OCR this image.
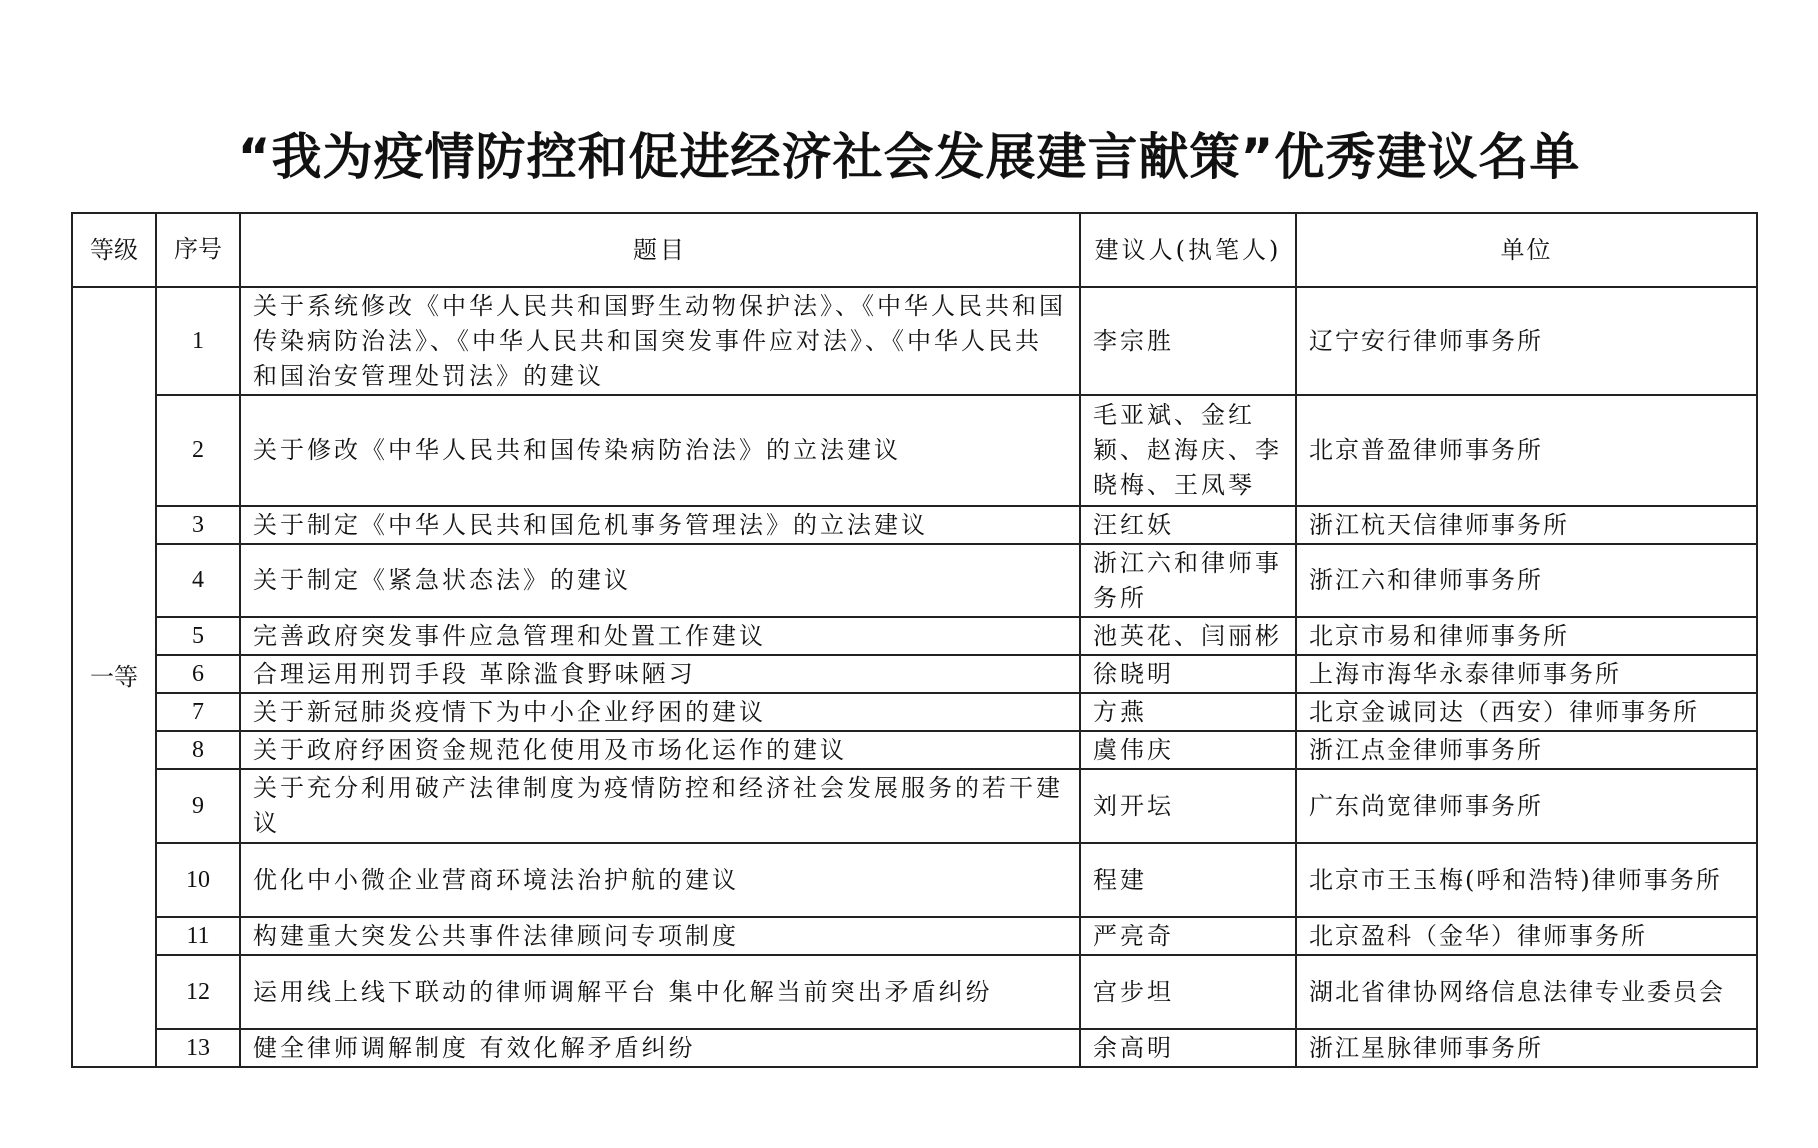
“我为疫情防控和促进经济社会发展建言献策”优秀建议名单
等级	序号	题目	建议人(执笔人)	单位
一等	1	关于系统修改《中华人民共和国野生动物保护法》、《中华人民共和国传染病防治法》、《中华人民共和国突发事件应对法》、《中华人民共和国治安管理处罚法》的建议	李宗胜	辽宁安行律师事务所
	2	关于修改《中华人民共和国传染病防治法》的立法建议	毛亚斌、金红颖、赵海庆、李晓梅、王凤琴	北京普盈律师事务所
	3	关于制定《中华人民共和国危机事务管理法》的立法建议	汪红妖	浙江杭天信律师事务所
	4	关于制定《紧急状态法》的建议	浙江六和律师事务所	浙江六和律师事务所
	5	完善政府突发事件应急管理和处置工作建议	池英花、闫丽彬	北京市易和律师事务所
	6	合理运用刑罚手段 革除滥食野味陋习	徐晓明	上海市海华永泰律师事务所
	7	关于新冠肺炎疫情下为中小企业纾困的建议	方燕	北京金诚同达（西安）律师事务所
	8	关于政府纾困资金规范化使用及市场化运作的建议	虞伟庆	浙江点金律师事务所
	9	关于充分利用破产法律制度为疫情防控和经济社会发展服务的若干建议	刘开坛	广东尚宽律师事务所
	10	优化中小微企业营商环境法治护航的建议	程建	北京市王玉梅(呼和浩特)律师事务所
	11	构建重大突发公共事件法律顾问专项制度	严亮奇	北京盈科（金华）律师事务所
	12	运用线上线下联动的律师调解平台 集中化解当前突出矛盾纠纷	宫步坦	湖北省律协网络信息法律专业委员会
	13	健全律师调解制度 有效化解矛盾纠纷	余高明	浙江星脉律师事务所
